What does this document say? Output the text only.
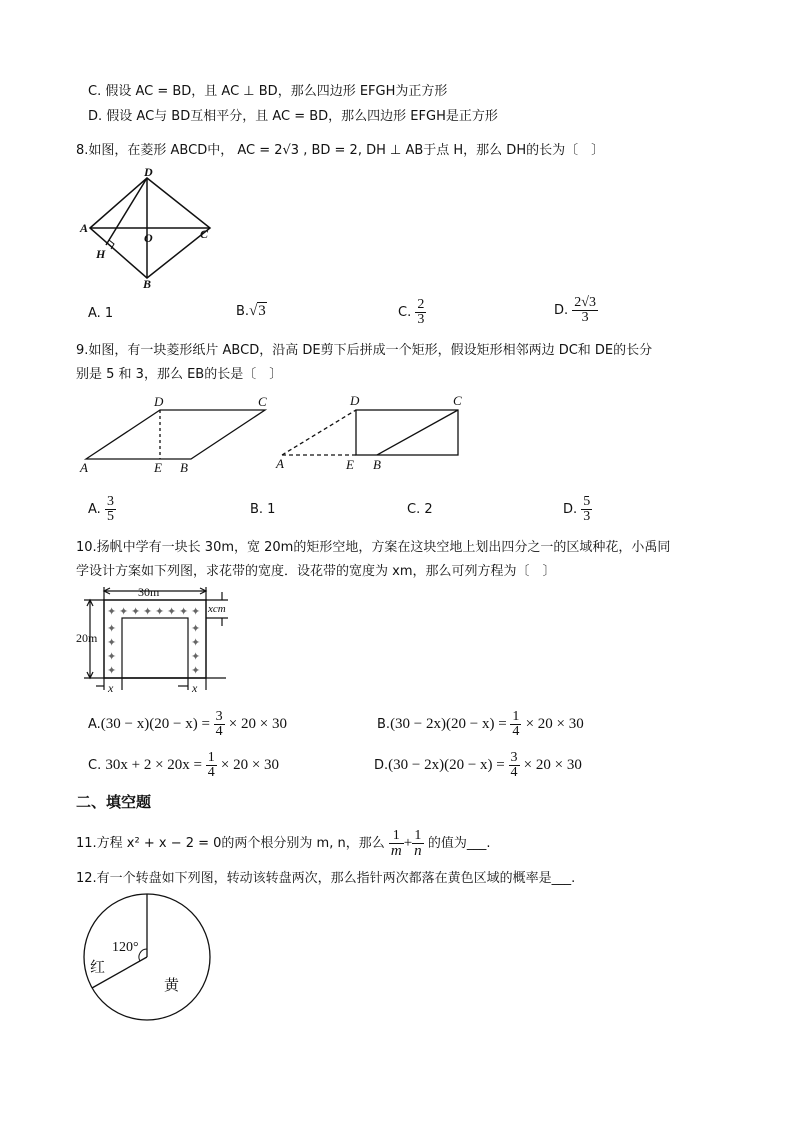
C. 假设 AC = BD，且 AC ⊥ BD，那么四边形 EFGH为正方形
D. 假设 AC与 BD互相平分，且 AC = BD，那么四边形 EFGH是正方形
8.如图，在菱形 ABCD中， AC = 2√3 , BD = 2, DH ⊥ AB于点 H，那么 DH的长为〔　〕
A
D
C
B
H
O
A. 1	B.√3	C. $\frac{2}{3}$	D. $\frac{2√3}{3}$
9.如图，有一块菱形纸片 ABCD，沿高 DE剪下后拼成一个矩形，假设矩形相邻两边 DC和 DE的长分
别是 5 和 3，那么 EB的长是〔　〕
A
D	C
E B	A
D	C
E B
A. $\frac{3}{5}$	B. 1	C. 2	D. $\frac{5}{3}$
10.扬帆中学有一块长 30m，宽 20m的矩形空地，方案在这块空地上划出四分之一的区域种花，小禹同
学设计方案如下列图，求花带的宽度．设花带的宽度为 xm，那么可列方程为〔　〕
✦ ✦ ✦ ✦ ✦ ✦ ✦ ✦
✦
✦
✦
✦
✦
✦
✦
✦
30m
20m
xcm
x	x
$A.(30 - x)(20 - x) = \frac{3}{4} \times 20 \times 30$	$B.(30 - 2x)(20 - x) = \frac{1}{4} \times 20 \times 30$
C. $30x + 2 \times 20x = \frac{1}{4} \times 20 \times 30$	$D.(30 - 2x)(20 - x) = \frac{3}{4} \times 20 \times 30$
二、填空题
11.方程 x² + x − 2 = 0的两个根分别为 m, n，那么 $\frac{1}{m} + \frac{1}{n}$ 的值为___.
12.有一个转盘如下列图，转动该转盘两次，那么指针两次都落在黄色区域的概率是___.
120°
红
黄
